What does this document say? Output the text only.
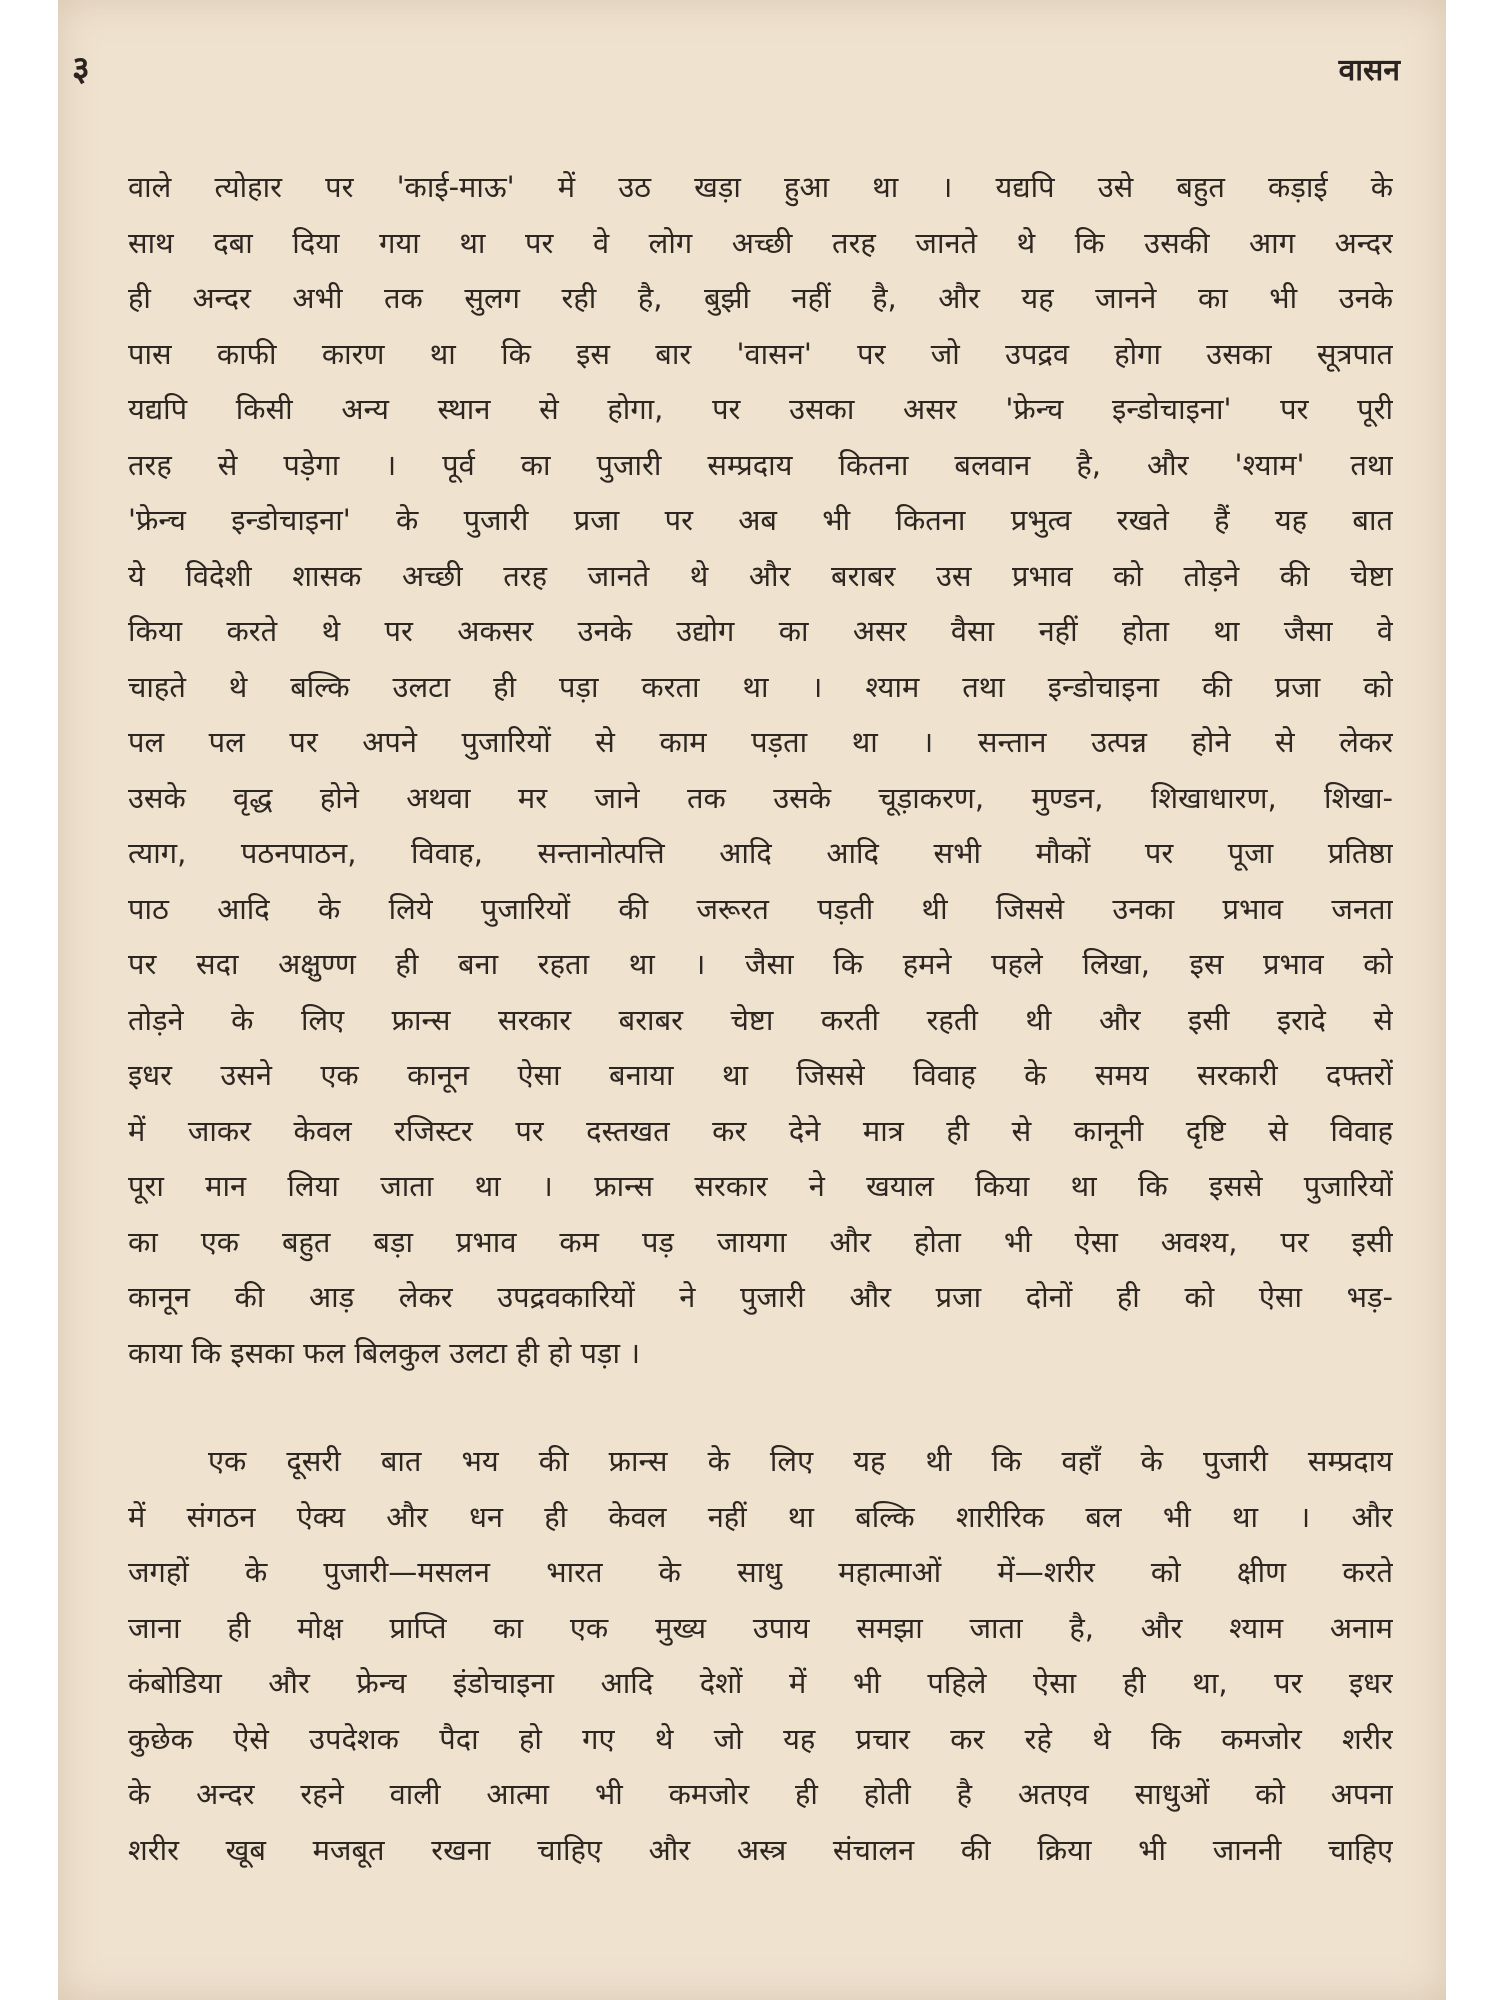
३	वासन
वाले त्योहार पर 'काई-माऊ' में उठ खड़ा हुआ था । यद्यपि उसे बहुत कड़ाई के
साथ दबा दिया गया था पर वे लोग अच्छी तरह जानते थे कि उसकी आग अन्दर
ही अन्दर अभी तक सुलग रही है, बुझी नहीं है, और यह जानने का भी उनके
पास काफी कारण था कि इस बार 'वासन' पर जो उपद्रव होगा उसका सूत्रपात
यद्यपि किसी अन्य स्थान से होगा, पर उसका असर 'फ्रेन्च इन्डोचाइना' पर पूरी
तरह से पड़ेगा । पूर्व का पुजारी सम्प्रदाय कितना बलवान है, और 'श्याम' तथा
'फ्रेन्च इन्डोचाइना' के पुजारी प्रजा पर अब भी कितना प्रभुत्व रखते हैं यह बात
ये विदेशी शासक अच्छी तरह जानते थे और बराबर उस प्रभाव को तोड़ने की चेष्टा
किया करते थे पर अकसर उनके उद्योग का असर वैसा नहीं होता था जैसा वे
चाहते थे बल्कि उलटा ही पड़ा करता था । श्याम तथा इन्डोचाइना की प्रजा को
पल पल पर अपने पुजारियों से काम पड़ता था । सन्तान उत्पन्न होने से लेकर
उसके वृद्ध होने अथवा मर जाने तक उसके चूड़ाकरण, मुण्डन, शिखाधारण, शिखा-
त्याग, पठनपाठन, विवाह, सन्तानोत्पत्ति आदि आदि सभी मौकों पर पूजा प्रतिष्ठा
पाठ आदि के लिये पुजारियों की जरूरत पड़ती थी जिससे उनका प्रभाव जनता
पर सदा अक्षुण्ण ही बना रहता था । जैसा कि हमने पहले लिखा, इस प्रभाव को
तोड़ने के लिए फ्रान्स सरकार बराबर चेष्टा करती रहती थी और इसी इरादे से
इधर उसने एक कानून ऐसा बनाया था जिससे विवाह के समय सरकारी दफ्तरों
में जाकर केवल रजिस्टर पर दस्तखत कर देने मात्र ही से कानूनी दृष्टि से विवाह
पूरा मान लिया जाता था । फ्रान्स सरकार ने खयाल किया था कि इससे पुजारियों
का एक बहुत बड़ा प्रभाव कम पड़ जायगा और होता भी ऐसा अवश्य, पर इसी
कानून की आड़ लेकर उपद्रवकारियों ने पुजारी और प्रजा दोनों ही को ऐसा भड़-
काया कि इसका फल बिलकुल उलटा ही हो पड़ा ।
एक दूसरी बात भय की फ्रान्स के लिए यह थी कि वहाँ के पुजारी सम्प्रदाय
में संगठन ऐक्य और धन ही केवल नहीं था बल्कि शारीरिक बल भी था । और
जगहों के पुजारी—मसलन भारत के साधु महात्माओं में—शरीर को क्षीण करते
जाना ही मोक्ष प्राप्ति का एक मुख्य उपाय समझा जाता है, और श्याम अनाम
कंबोडिया और फ्रेन्च इंडोचाइना आदि देशों में भी पहिले ऐसा ही था, पर इधर
कुछेक ऐसे उपदेशक पैदा हो गए थे जो यह प्रचार कर रहे थे कि कमजोर शरीर
के अन्दर रहने वाली आत्मा भी कमजोर ही होती है अतएव साधुओं को अपना
शरीर खूब मजबूत रखना चाहिए और अस्त्र संचालन की क्रिया भी जाननी चाहिए
